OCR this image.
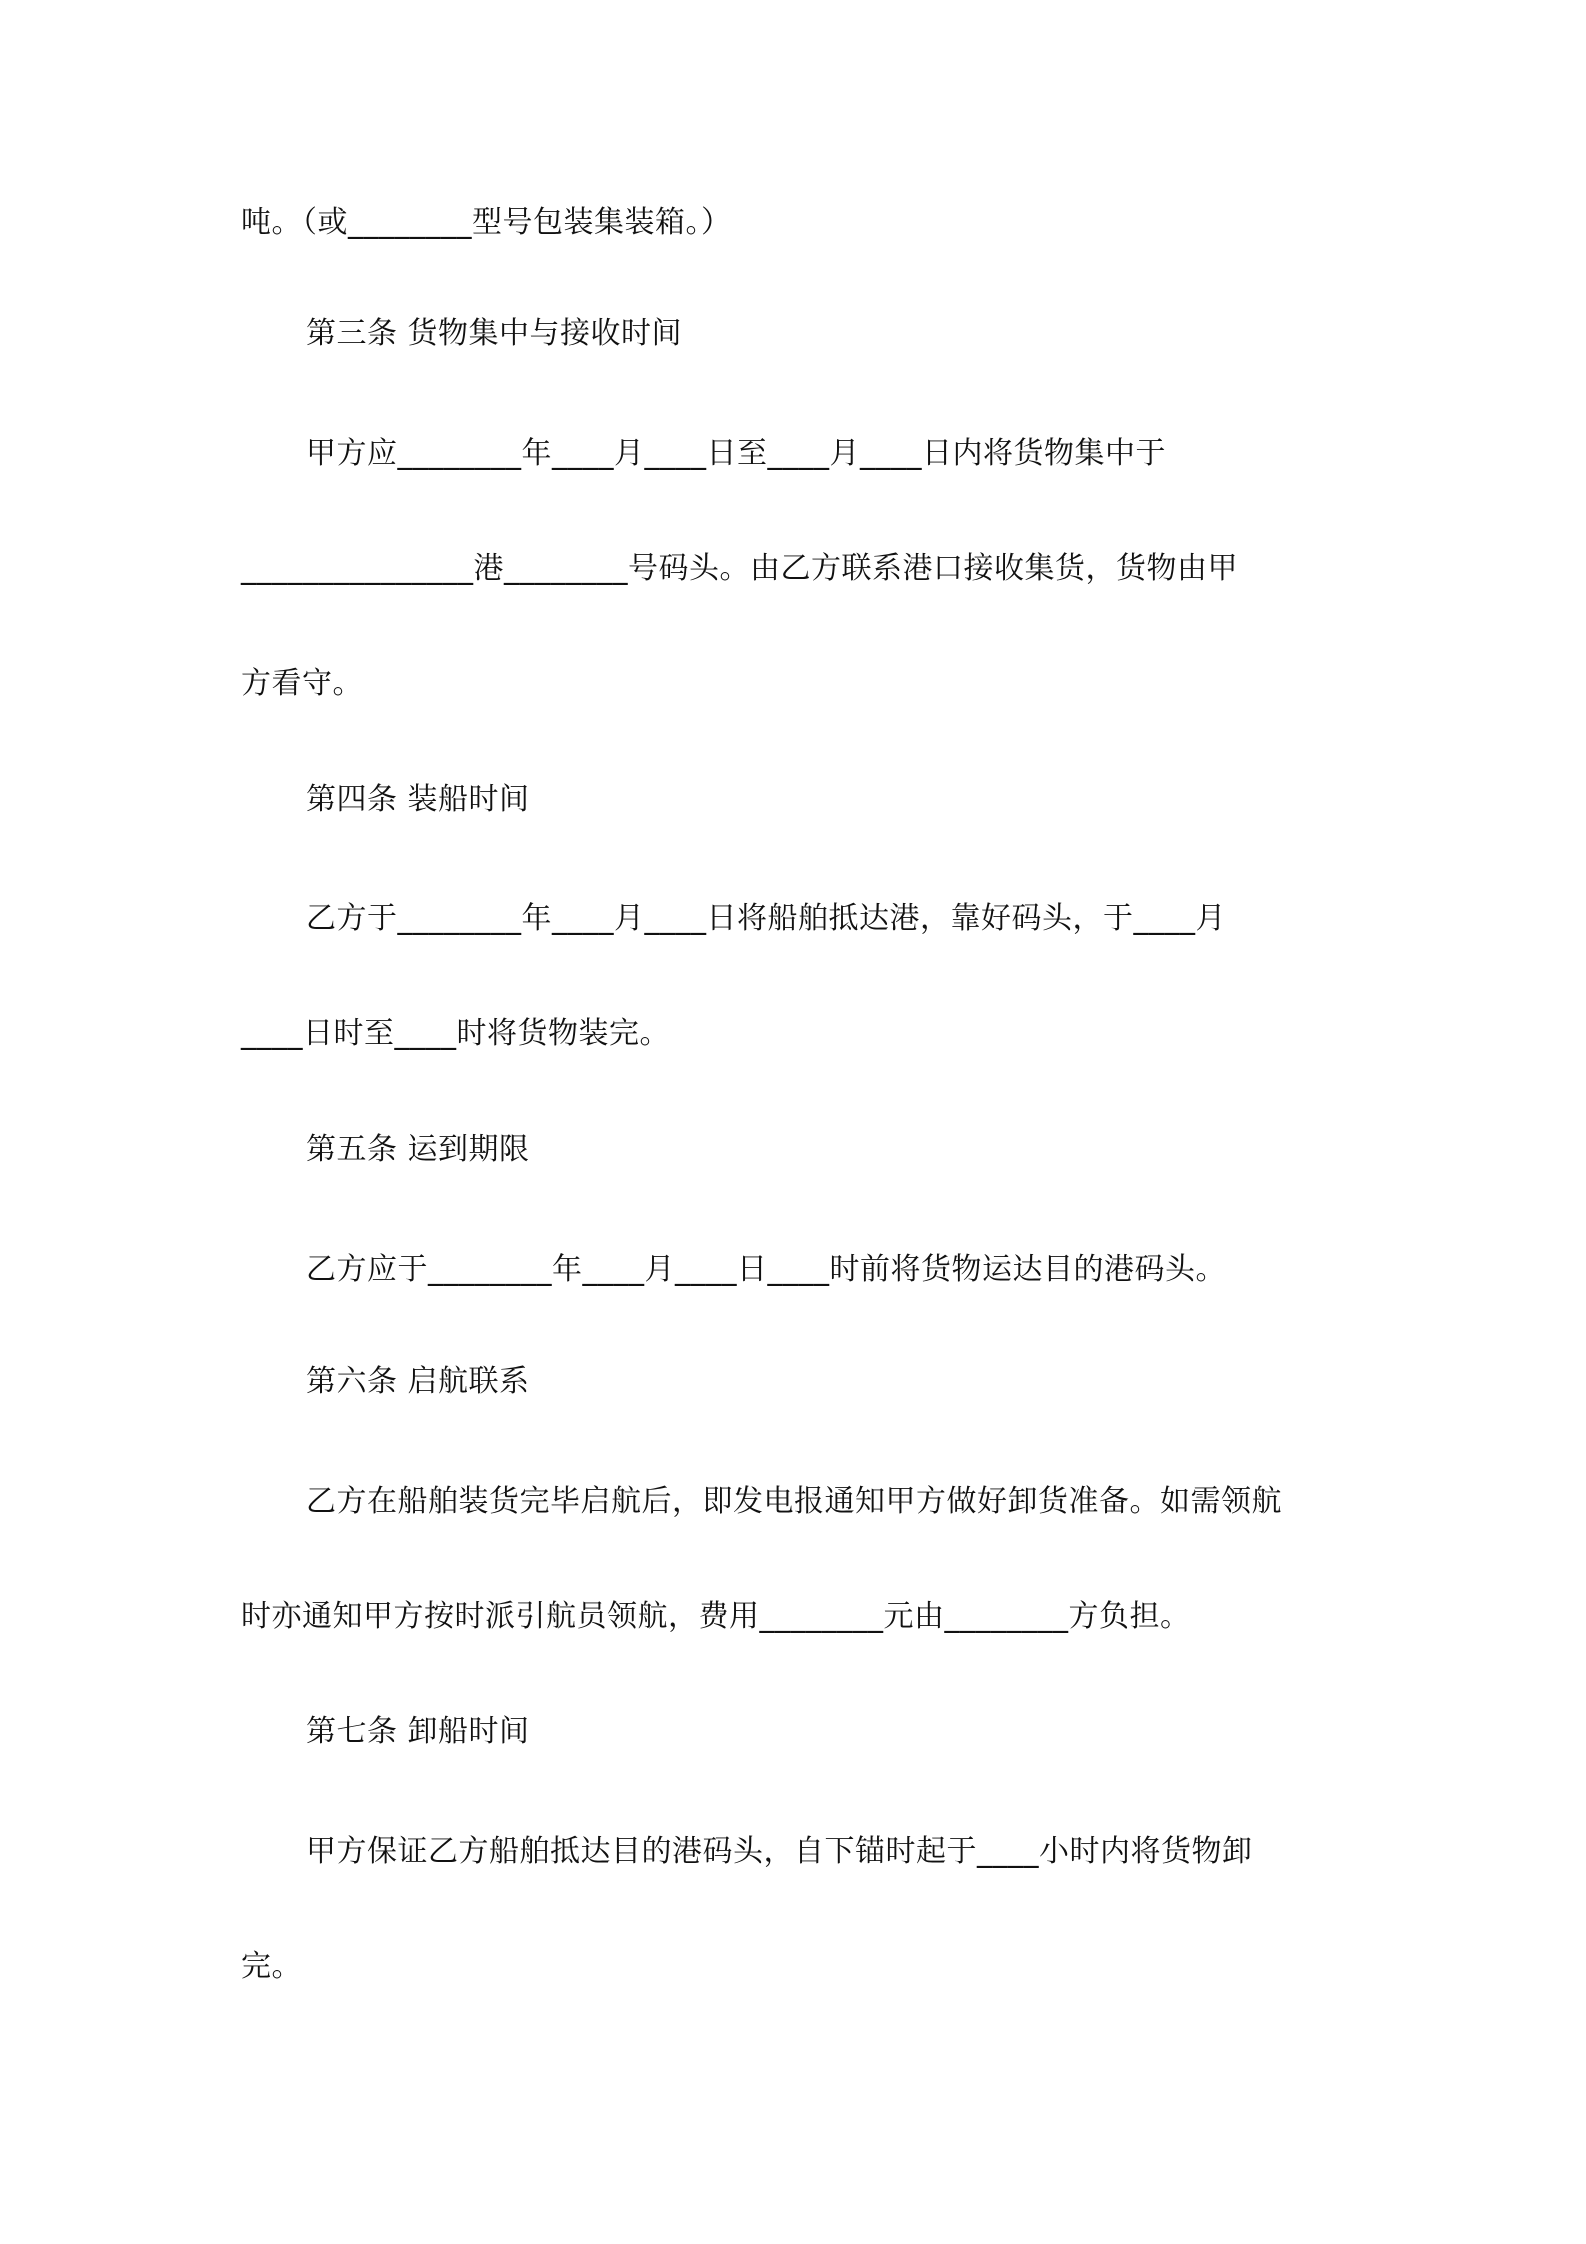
吨。（或________型号包装集装箱。）
第三条 货物集中与接收时间
甲方应________年____月____日至____月____日内将货物集中于
_______________港________号码头。由乙方联系港口接收集货，货物由甲
方看守。
第四条 装船时间
乙方于________年____月____日将船舶抵达港，靠好码头，于____月
____日时至____时将货物装完。
第五条 运到期限
乙方应于________年____月____日____时前将货物运达目的港码头。
第六条 启航联系
乙方在船舶装货完毕启航后，即发电报通知甲方做好卸货准备。如需领航
时亦通知甲方按时派引航员领航，费用________元由________方负担。
第七条 卸船时间
甲方保证乙方船舶抵达目的港码头，自下锚时起于____小时内将货物卸
完。
